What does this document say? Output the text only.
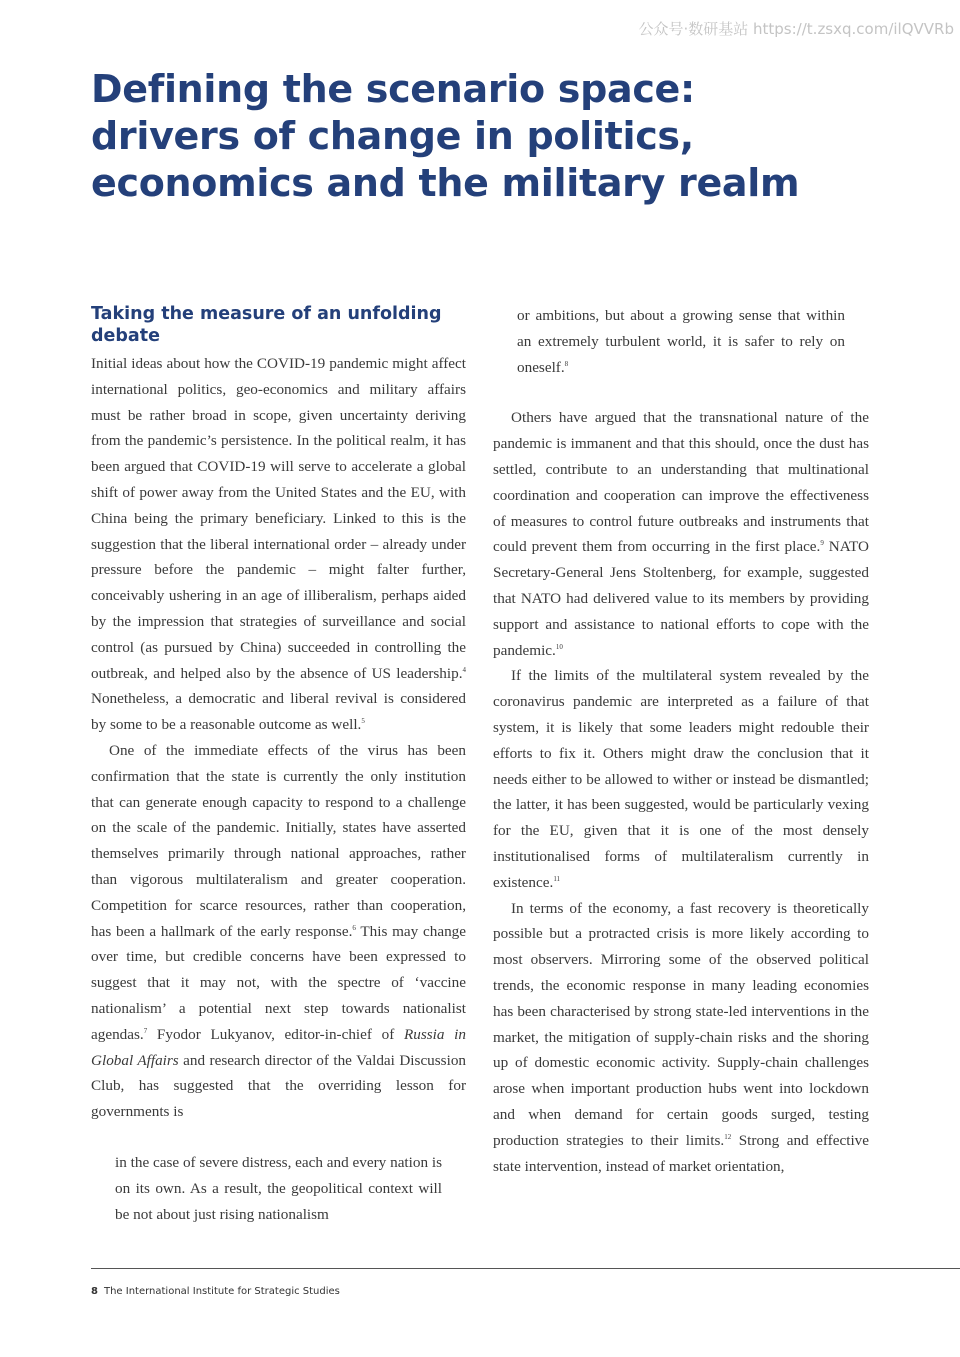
公众号·数研基站 https://t.zsxq.com/ilQVVRb
Defining the scenario space: drivers of change in politics, economics and the military realm
Taking the measure of an unfolding debate

Initial ideas about how the COVID-19 pandemic might affect international politics, geo-economics and military affairs must be rather broad in scope, given uncertainty deriving from the pandemic’s persistence. In the political realm, it has been argued that COVID-19 will serve to accelerate a global shift of power away from the United States and the EU, with China being the primary beneficiary. Linked to this is the suggestion that the liberal international order – already under pressure before the pandemic – might falter further, conceivably ushering in an age of illiberalism, perhaps aided by the impression that strategies of surveillance and social control (as pursued by China) succeeded in controlling the outbreak, and helped also by the absence of US leadership.$^4$ Nonetheless, a democratic and liberal revival is considered by some to be a reasonable outcome as well.$^5$

One of the immediate effects of the virus has been confirmation that the state is currently the only institution that can generate enough capacity to respond to a challenge on the scale of the pandemic. Initially, states have asserted themselves primarily through national approaches, rather than vigorous multilateralism and greater cooperation. Competition for scarce resources, rather than cooperation, has been a hallmark of the early response.$^6$ This may change over time, but credible concerns have been expressed to suggest that it may not, with the spectre of ‘vaccine nationalism’ a potential next step towards nationalist agendas.$^7$ Fyodor Lukyanov, editor-in-chief of Russia in Global Affairs and research director of the Valdai Discussion Club, has suggested that the overriding lesson for governments is

in the case of severe distress, each and every nation is on its own. As a result, the geopolitical context will be not about just rising nationalism

or ambitions, but about a growing sense that within an extremely turbulent world, it is safer to rely on oneself.$^8$

Others have argued that the transnational nature of the pandemic is immanent and that this should, once the dust has settled, contribute to an understanding that multinational coordination and cooperation can improve the effectiveness of measures to control future outbreaks and instruments that could prevent them from occurring in the first place.$^9$ NATO Secretary-General Jens Stoltenberg, for example, suggested that NATO had delivered value to its members by providing support and assistance to national efforts to cope with the pandemic.$^{10}$

If the limits of the multilateral system revealed by the coronavirus pandemic are interpreted as a failure of that system, it is likely that some leaders might redouble their efforts to fix it. Others might draw the conclusion that it needs either to be allowed to wither or instead be dismantled; the latter, it has been suggested, would be particularly vexing for the EU, given that it is one of the most densely institutionalised forms of multilateralism currently in existence.$^{11}$

In terms of the economy, a fast recovery is theoretically possible but a protracted crisis is more likely according to most observers. Mirroring some of the observed political trends, the economic response in many leading economies has been characterised by strong state-led interventions in the market, the mitigation of supply-chain risks and the shoring up of domestic economic activity. Supply-chain challenges arose when important production hubs went into lockdown and when demand for certain goods surged, testing production strategies to their limits.$^{12}$ Strong and effective state intervention, instead of market orientation,

8 The International Institute for Strategic Studies
